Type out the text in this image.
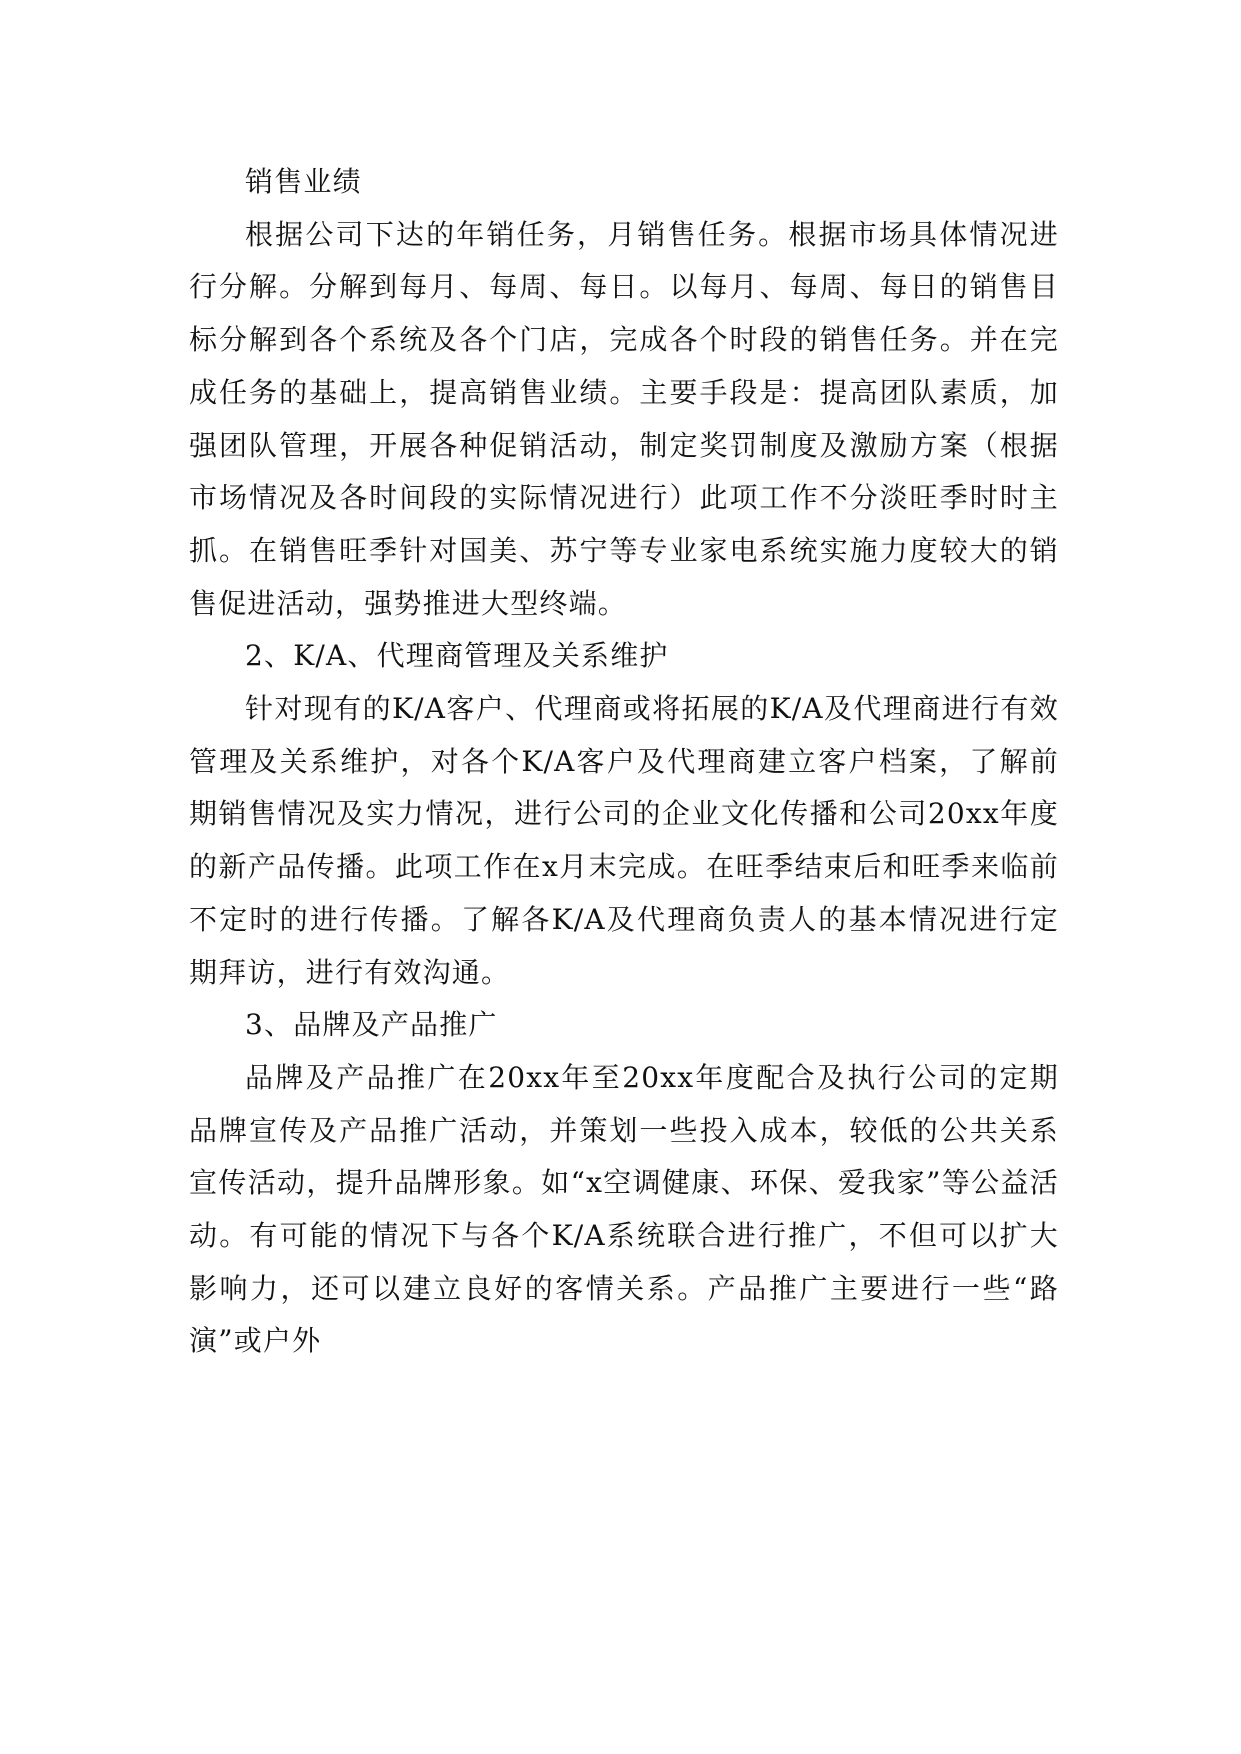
销售业绩

根据公司下达的年销任务，月销售任务。根据市场具体情况进行分解。分解到每月、每周、每日。以每月、每周、每日的销售目标分解到各个系统及各个门店，完成各个时段的销售任务。并在完成任务的基础上，提高销售业绩。主要手段是：提高团队素质，加强团队管理，开展各种促销活动，制定奖罚制度及激励方案（根据市场情况及各时间段的实际情况进行）此项工作不分淡旺季时时主抓。在销售旺季针对国美、苏宁等专业家电系统实施力度较大的销售促进活动，强势推进大型终端。

2、K/A、代理商管理及关系维护

针对现有的K/A客户、代理商或将拓展的K/A及代理商进行有效管理及关系维护，对各个K/A客户及代理商建立客户档案，了解前期销售情况及实力情况，进行公司的企业文化传播和公司20xx年度的新产品传播。此项工作在x月末完成。在旺季结束后和旺季来临前不定时的进行传播。了解各K/A及代理商负责人的基本情况进行定期拜访，进行有效沟通。

3、品牌及产品推广

品牌及产品推广在20xx年至20xx年度配合及执行公司的定期品牌宣传及产品推广活动，并策划一些投入成本，较低的公共关系宣传活动，提升品牌形象。如“x空调健康、环保、爱我家”等公益活动。有可能的情况下与各个K/A系统联合进行推广，不但可以扩大影响力，还可以建立良好的客情关系。产品推广主要进行一些“路演”或户外
